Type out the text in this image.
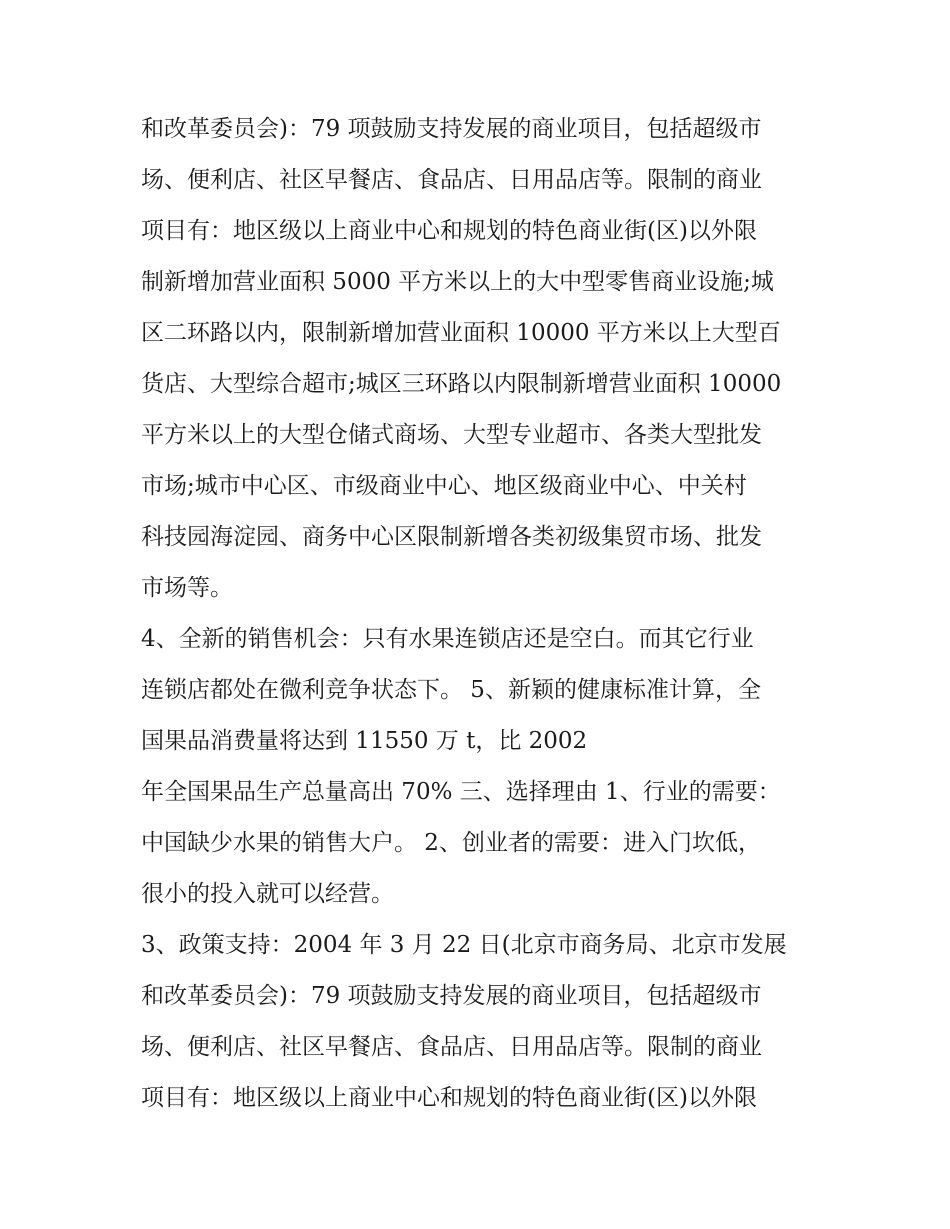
和改革委员会)：79 项鼓励支持发展的商业项目，包括超级市
场、便利店、社区早餐店、食品店、日用品店等。限制的商业
项目有：地区级以上商业中心和规划的特色商业街(区)以外限
制新增加营业面积 5000 平方米以上的大中型零售商业设施;城
区二环路以内，限制新增加营业面积 10000 平方米以上大型百
货店、大型综合超市;城区三环路以内限制新增营业面积 10000
平方米以上的大型仓储式商场、大型专业超市、各类大型批发
市场;城市中心区、市级商业中心、地区级商业中心、中关村
科技园海淀园、商务中心区限制新增各类初级集贸市场、批发
市场等。
4、全新的销售机会：只有水果连锁店还是空白。而其它行业
连锁店都处在微利竞争状态下。 5、新颖的健康标准计算，全
国果品消费量将达到 11550 万 t，比 2002
年全国果品生产总量高出 70% 三、选择理由 1、行业的需要：
中国缺少水果的销售大户。 2、创业者的需要：进入门坎低，
很小的投入就可以经营。
3、政策支持：2004 年 3 月 22 日(北京市商务局、北京市发展
和改革委员会)：79 项鼓励支持发展的商业项目，包括超级市
场、便利店、社区早餐店、食品店、日用品店等。限制的商业
项目有：地区级以上商业中心和规划的特色商业街(区)以外限
